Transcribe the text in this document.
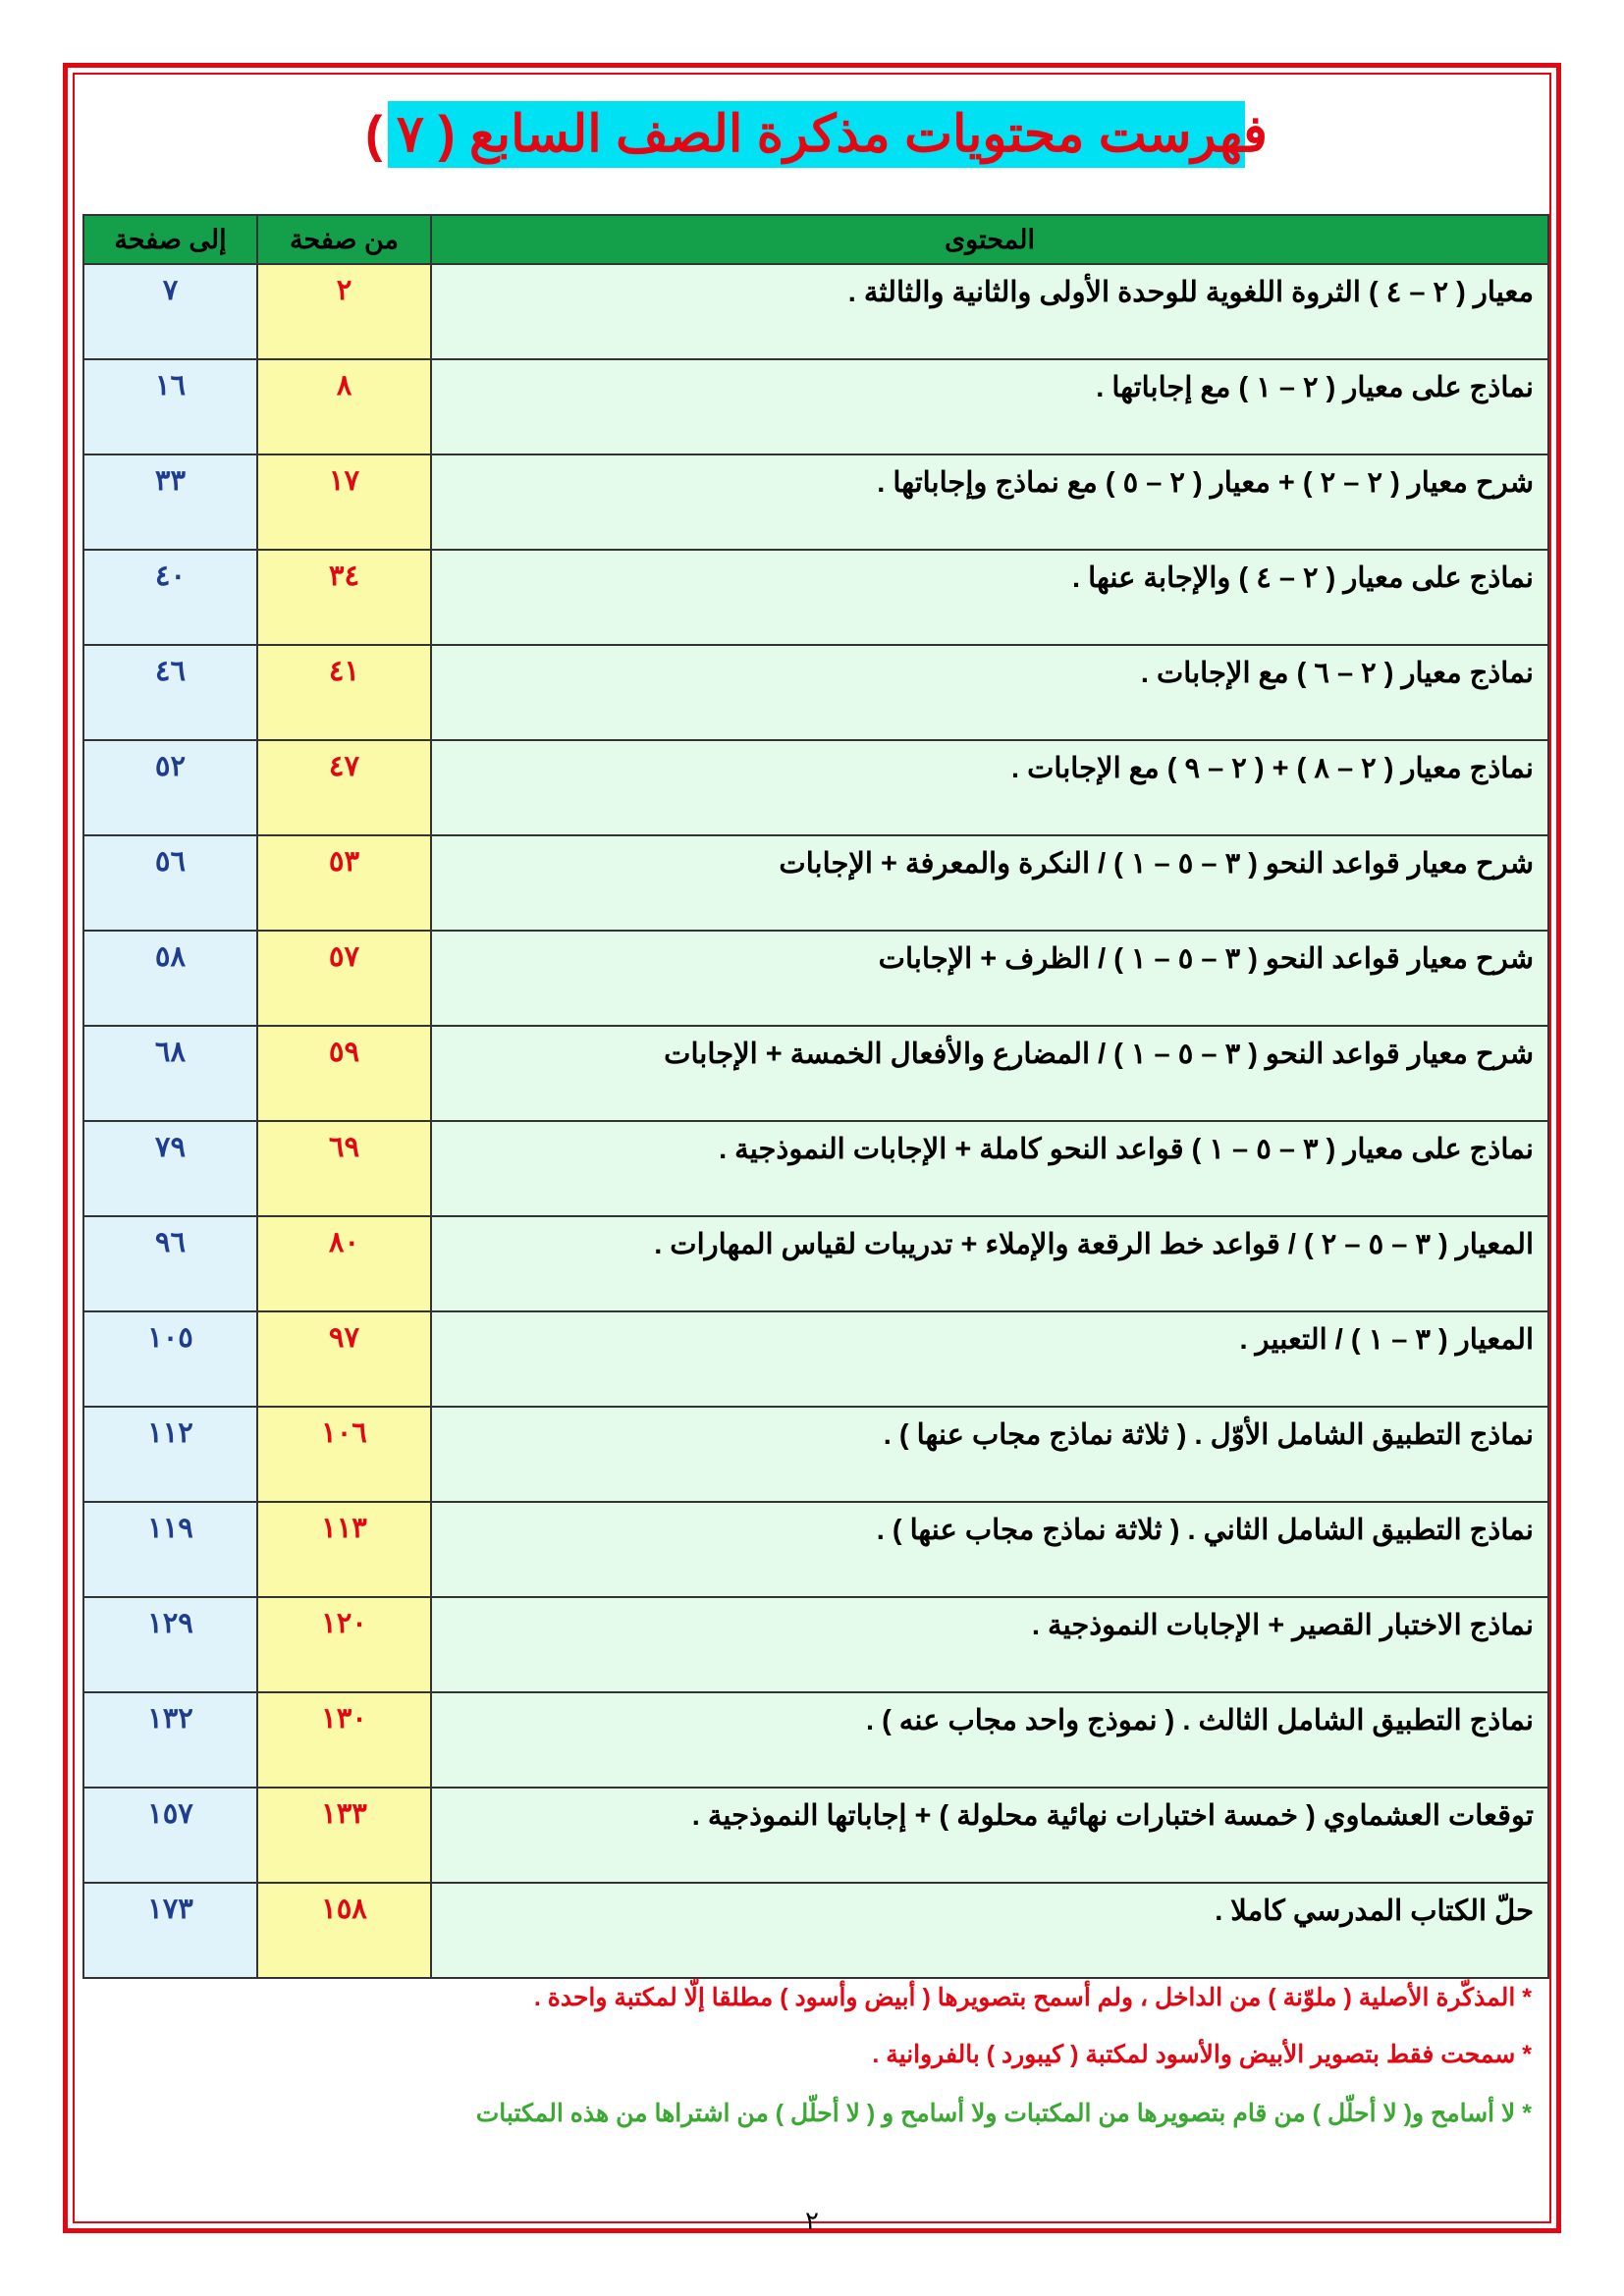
فهرست محتويات مذكرة الصف السابع ( ٧ )
المحتوى	من صفحة	إلى صفحة
معيار ( ٢ – ٤ ) الثروة اللغوية للوحدة الأولى والثانية والثالثة .	٢	٧
نماذج على معيار ( ٢ – ١ ) مع إجاباتها .	٨	١٦
شرح معيار ( ٢ – ٢ ) + معيار ( ٢ – ٥ ) مع نماذج وإجاباتها .	١٧	٣٣
نماذج على معيار ( ٢ – ٤ ) والإجابة عنها .	٣٤	٤٠
نماذج معيار ( ٢ – ٦ ) مع الإجابات .	٤١	٤٦
نماذج معيار ( ٢ – ٨ ) + ( ٢ – ٩ ) مع الإجابات .	٤٧	٥٢
شرح معيار قواعد النحو ( ٣ – ٥ – ١ ) / النكرة والمعرفة + الإجابات	٥٣	٥٦
شرح معيار قواعد النحو ( ٣ – ٥ – ١ ) / الظرف + الإجابات	٥٧	٥٨
شرح معيار قواعد النحو ( ٣ – ٥ – ١ ) / المضارع والأفعال الخمسة + الإجابات	٥٩	٦٨
نماذج على معيار ( ٣ – ٥ – ١ ) قواعد النحو كاملة + الإجابات النموذجية .	٦٩	٧٩
المعيار ( ٣ – ٥ – ٢ ) / قواعد خط الرقعة والإملاء + تدريبات لقياس المهارات .	٨٠	٩٦
المعيار ( ٣ – ١ ) / التعبير .	٩٧	١٠٥
نماذج التطبيق الشامل الأوّل . ( ثلاثة نماذج مجاب عنها ) .	١٠٦	١١٢
نماذج التطبيق الشامل الثاني . ( ثلاثة نماذج مجاب عنها ) .	١١٣	١١٩
نماذج الاختبار القصير + الإجابات النموذجية .	١٢٠	١٢٩
نماذج التطبيق الشامل الثالث . ( نموذج واحد مجاب عنه ) .	١٣٠	١٣٢
توقعات العشماوي ( خمسة اختبارات نهائية محلولة ) + إجاباتها النموذجية .	١٣٣	١٥٧
حلّ الكتاب المدرسي كاملا .	١٥٨	١٧٣

* المذكّرة الأصلية ( ملوّنة ) من الداخل ، ولم أسمح بتصويرها ( أبيض وأسود ) مطلقا إلّا لمكتبة واحدة .

* سمحت فقط بتصوير الأبيض والأسود لمكتبة ( كيبورد ) بالفروانية .

* لا أسامح و( لا أحلّل ) من قام بتصويرها من المكتبات ولا أسامح و ( لا أحلّل ) من اشتراها من هذه المكتبات

٢
